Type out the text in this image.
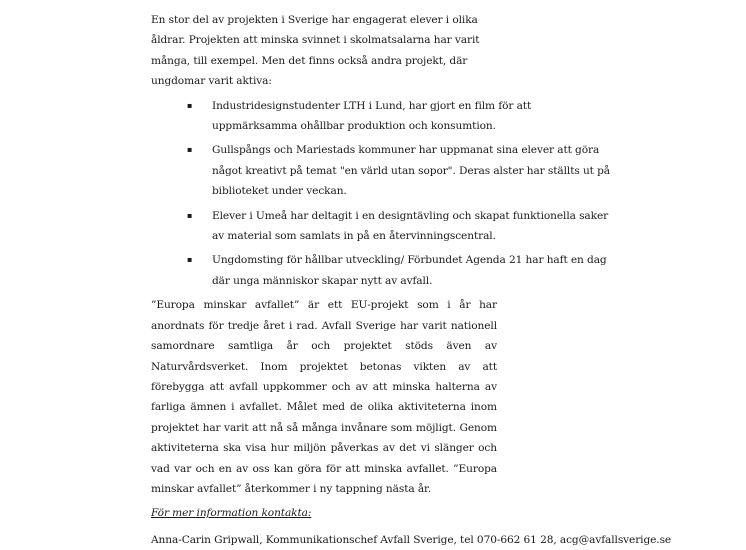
En stor del av projekten i Sverige har engagerat elever i olika åldrar. Projekten att minska svinnet i skolmatsalarna har varit många, till exempel. Men det finns också andra projekt, där ungdomar varit aktiva:

▪ Industridesignstudenter LTH i Lund, har gjort en film för att uppmärksamma ohållbar produktion och konsumtion.
▪ Gullspångs och Mariestads kommuner har uppmanat sina elever att göra något kreativt på temat "en värld utan sopor". Deras alster har ställts ut på biblioteket under veckan.
▪ Elever i Umeå har deltagit i en designtävling och skapat funktionella saker av material som samlats in på en återvinningscentral.
▪ Ungdomsting för hållbar utveckling/ Förbundet Agenda 21 har haft en dag där unga människor skapar nytt av avfall.

”Europa minskar avfallet” är ett EU-projekt som i år har anordnats för tredje året i rad. Avfall Sverige har varit nationell samordnare samtliga år och projektet stöds även av Naturvårdsverket. Inom projektet betonas vikten av att förebygga att avfall uppkommer och av att minska halterna av farliga ämnen i avfallet. Målet med de olika aktiviteterna inom projektet har varit att nå så många invånare som möjligt. Genom aktiviteterna ska visa hur miljön påverkas av det vi slänger och vad var och en av oss kan göra för att minska avfallet. ”Europa minskar avfallet” återkommer i ny tappning nästa år.

För mer information kontakta:

Anna-Carin Gripwall, Kommunikationschef Avfall Sverige, tel 070-662 61 28, acg@avfallsverige.se
